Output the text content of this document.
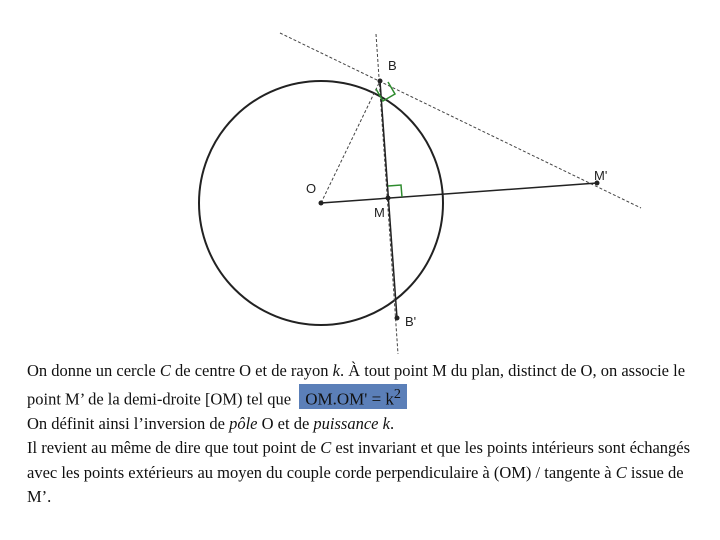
O
M
B
B'
M'

On donne un cercle C de centre O et de rayon k. À tout point M du plan, distinct de O, on associe le point M’ de la demi-droite [OM) tel que $OM.OM' = k^2$

On définit ainsi l’inversion de pôle O et de puissance k.

Il revient au même de dire que tout point de C est invariant et que les points intérieurs sont échangés avec les points extérieurs au moyen du couple corde perpendiculaire à (OM) / tangente à C issue de M’.
